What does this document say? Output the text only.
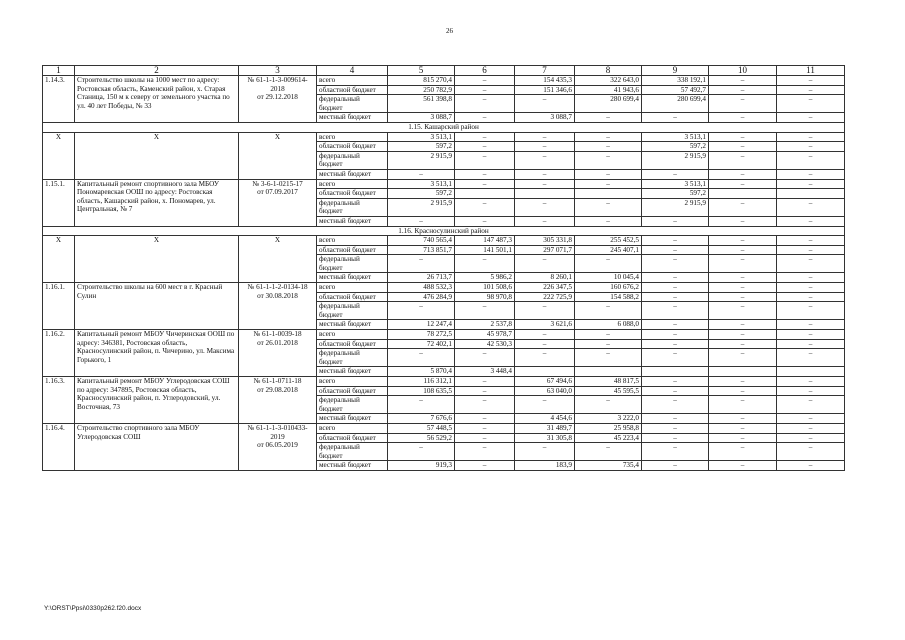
26
1	2	3	4	5	6	7	8	9	10	11
1.14.3.	Строительство школы на 1000 мест по адресу: Ростовская область, Каменский район, х. Старая Станица, 150 м к северу от земельного участка по ул. 40 лет Победы, № 33	№ 61-1-1-3-009614-2018
от 29.12.2018	всего	815 270,4	–	154 435,3	322 643,0	338 192,1	–	–
			областной бюджет	250 782,9	–	151 346,6	41 943,6	57 492,7	–	–
			федеральный бюджет	561 398,8	–	–	280 699,4	280 699,4	–	–
			местный бюджет	3 088,7	–	3 088,7	–	–	–	–
1.15. Кашарский район										
Х	Х	Х	всего	3 513,1	–	–	–	3 513,1	–	–
			областной бюджет	597,2	–	–	–	597,2	–	–
			федеральный бюджет	2 915,9	–	–	–	2 915,9	–	–
			местный бюджет	–	–	–	–	–	–	–
1.15.1.	Капитальный ремонт спортивного зала МБОУ Пономаревская ООШ по адресу: Ростовская область, Кашарский район, х. Пономарев, ул. Центральная, № 7	№ 3-6-1-0215-17
от 07.09.2017	всего	3 513,1	–	–	–	3 513,1	–	–
			областной бюджет	597,2				597,2		
			федеральный бюджет	2 915,9	–	–	–	2 915,9	–	–
			местный бюджет	–	–	–	–	–	–	–
1.16. Красносулинский район										
Х	Х	Х	всего	740 565,4	147 487,3	305 331,8	255 452,5	–	–	–
			областной бюджет	713 851,7	141 501,1	297 071,7	245 407,1	–	–	–
			федеральный бюджет	–	–	–	–	–	–	–
			местный бюджет	26 713,7	5 986,2	8 260,1	10 045,4	–	–	–
1.16.1.	Строительство школы на 600 мест в г. Красный Сулин	№ 61-1-1-2-0134-18
от 30.08.2018	всего	488 532,3	101 508,6	226 347,5	160 676,2	–	–	–
			областной бюджет	476 284,9	98 970,8	222 725,9	154 588,2	–	–	–
			федеральный бюджет	–	–	–	–	–	–	–
			местный бюджет	12 247,4	2 537,8	3 621,6	6 088,0	–	–	–
1.16.2.	Капитальный ремонт МБОУ Чичеринская ООШ по адресу: 346381, Ростовская область, Красносулинский район, п. Чичерино, ул. Максима Горького, 1	№ 61-1-0039-18
от 26.01.2018	всего	78 272,5	45 978,7	–	–	–	–	–
			областной бюджет	72 402,1	42 530,3	–	–	–	–	–
			федеральный бюджет	–	–	–	–	–	–	–
			местный бюджет	5 870,4	3 448,4					
1.16.3.	Капитальный ремонт МБОУ Углеродовская СОШ по адресу: 347895, Ростовская область, Красносулинский район, п. Углеродовский, ул. Восточная, 73	№ 61-1-0711-18
от 29.08.2018	всего	116 312,1	–	67 494,6	48 817,5	–	–	–
			областной бюджет	108 635,5	–	63 040,0	45 595,5	–	–	–
			федеральный бюджет	–	–	–	–	–	–	–
			местный бюджет	7 676,6	–	4 454,6	3 222,0	–	–	–
1.16.4.	Строительство спортивного зала МБОУ Углеродовская СОШ	№ 61-1-1-3-010433-2019
от 06.05.2019	всего	57 448,5	–	31 489,7	25 958,8	–	–	–
			областной бюджет	56 529,2	–	31 305,8	45 223,4	–	–	–
			федеральный бюджет	–	–	–	–	–	–	–
			местный бюджет	919,3	–	183,9	735,4	–	–	–
Y:\ORST\Ppsi\0330p262.f20.docx
